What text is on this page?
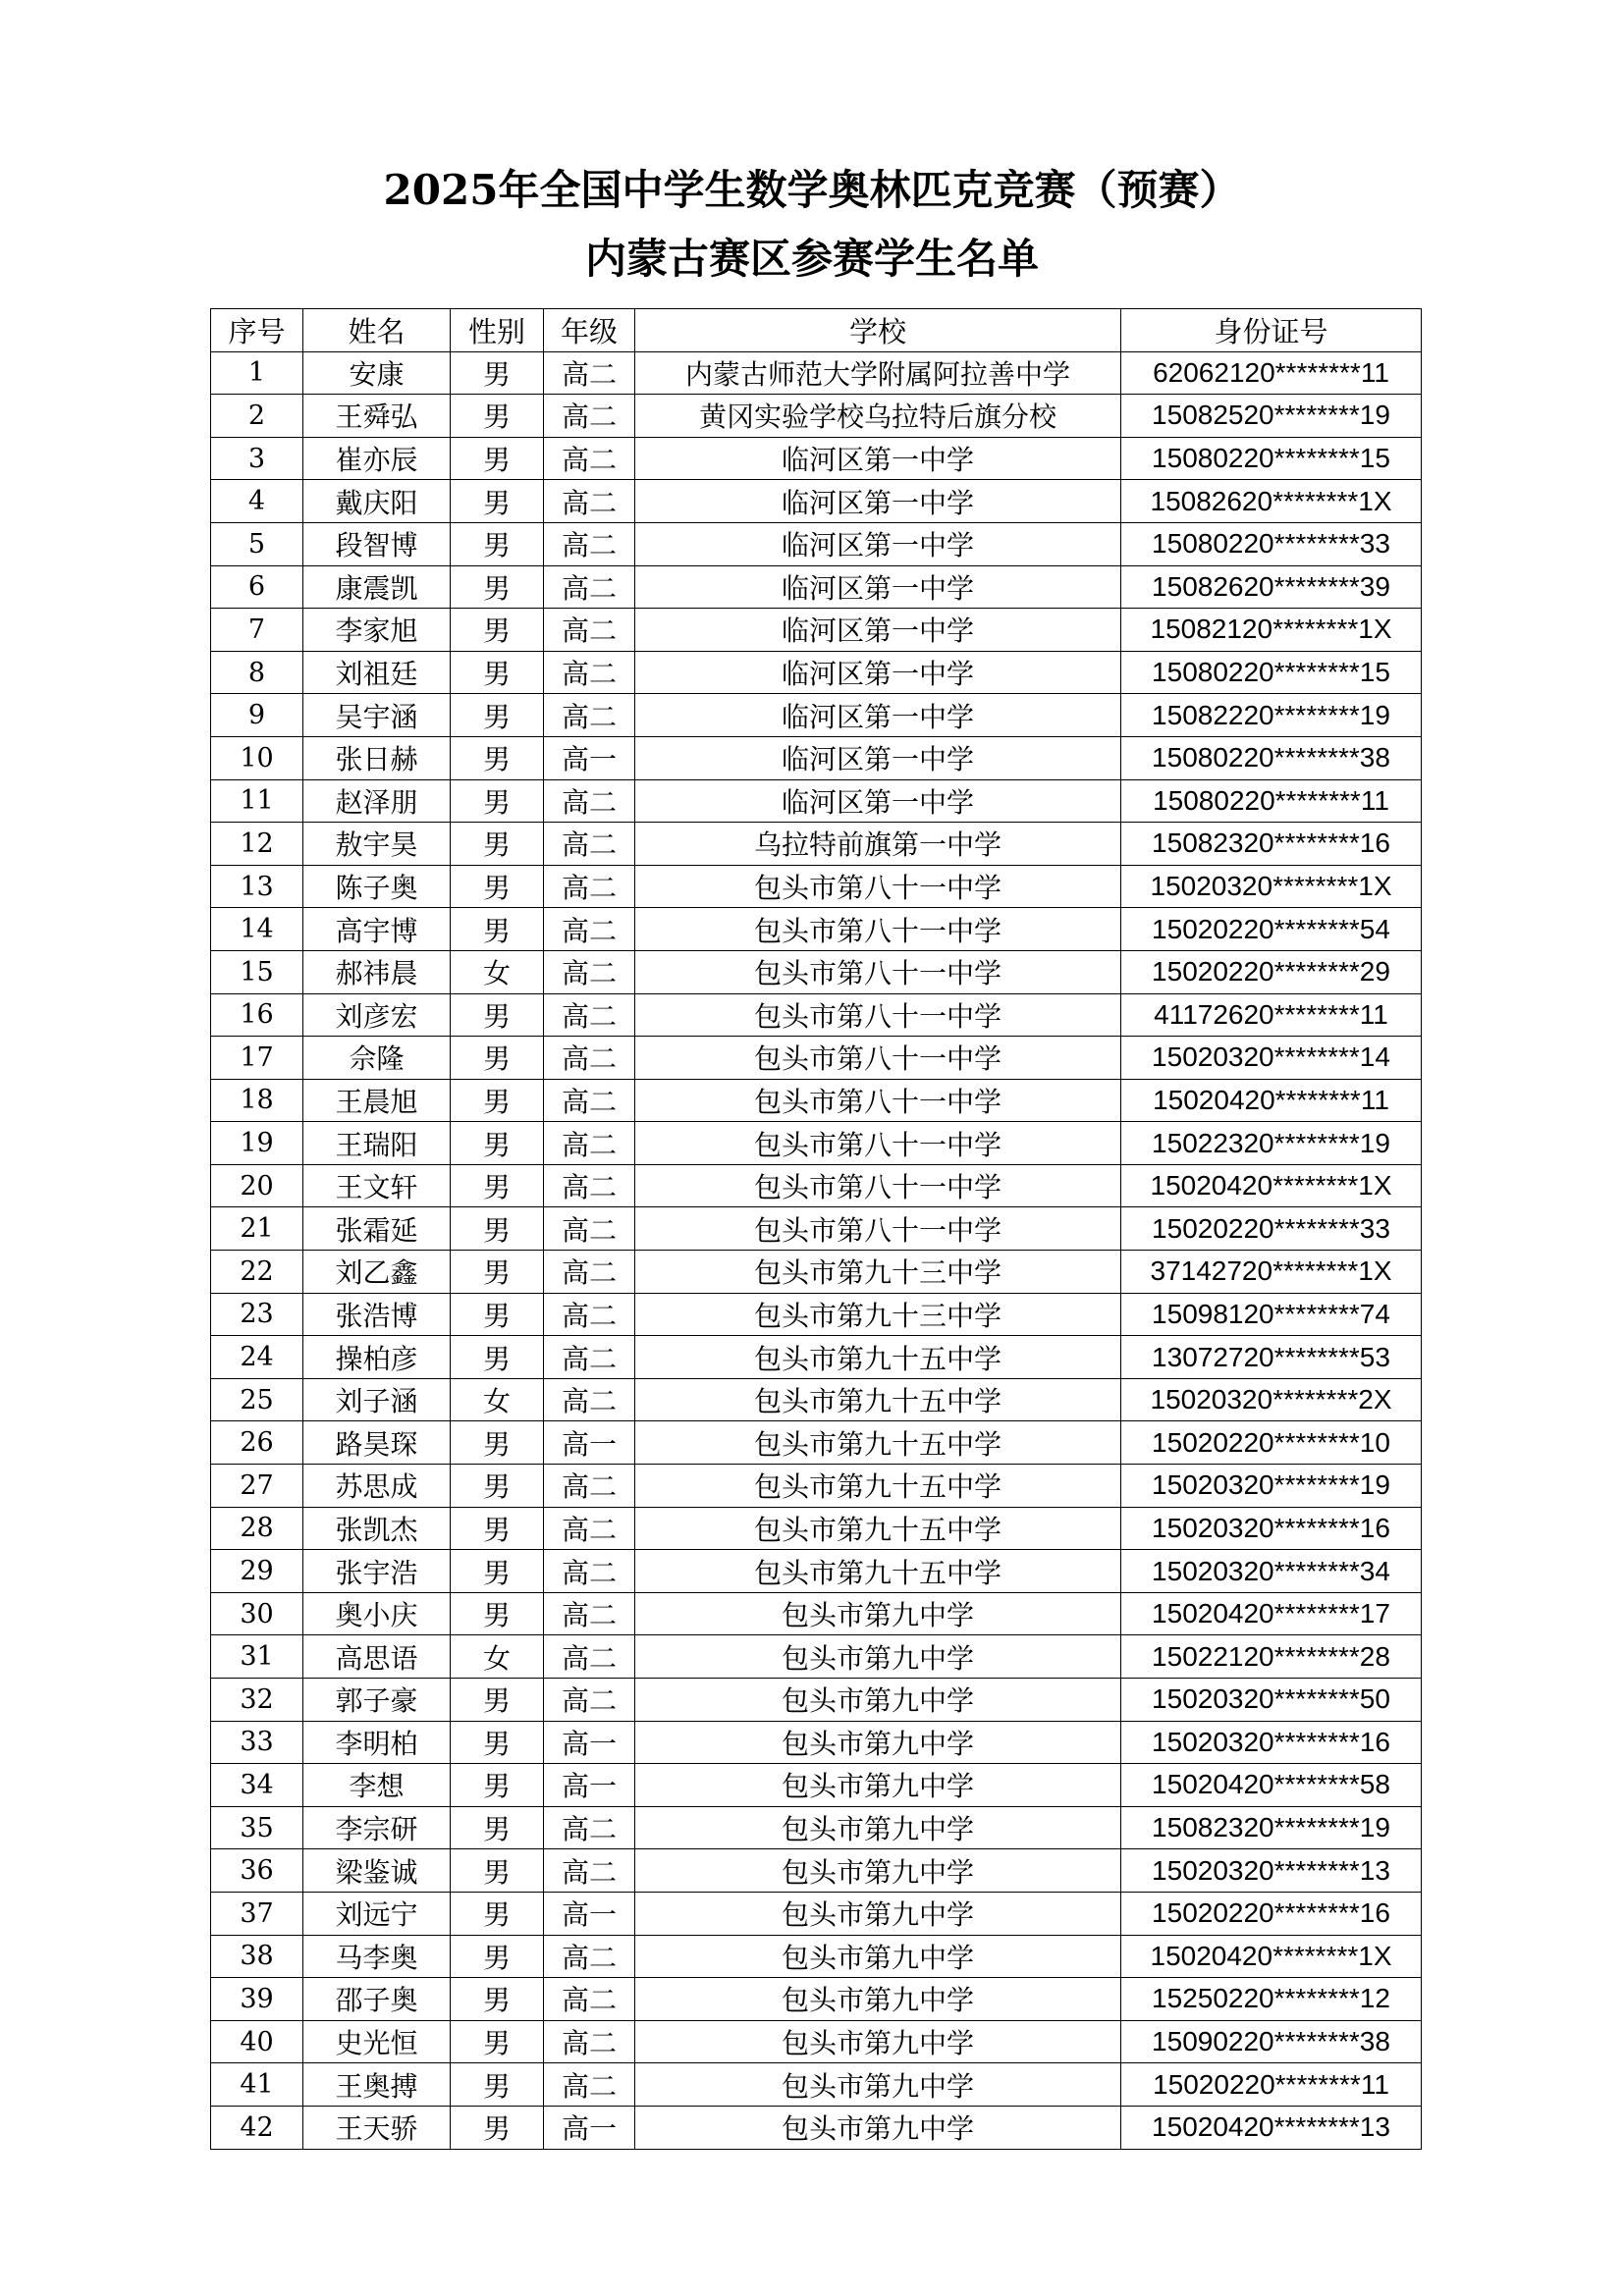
2025年全国中学生数学奥林匹克竞赛（预赛）
内蒙古赛区参赛学生名单
序号	姓名	性别	年级	学校	身份证号
1	安康	男	高二	内蒙古师范大学附属阿拉善中学	62062120********11
2	王舜弘	男	高二	黄冈实验学校乌拉特后旗分校	15082520********19
3	崔亦辰	男	高二	临河区第一中学	15080220********15
4	戴庆阳	男	高二	临河区第一中学	15082620********1X
5	段智博	男	高二	临河区第一中学	15080220********33
6	康震凯	男	高二	临河区第一中学	15082620********39
7	李家旭	男	高二	临河区第一中学	15082120********1X
8	刘祖廷	男	高二	临河区第一中学	15080220********15
9	吴宇涵	男	高二	临河区第一中学	15082220********19
10	张日赫	男	高一	临河区第一中学	15080220********38
11	赵泽朋	男	高二	临河区第一中学	15080220********11
12	敖宇昊	男	高二	乌拉特前旗第一中学	15082320********16
13	陈子奥	男	高二	包头市第八十一中学	15020320********1X
14	高宇博	男	高二	包头市第八十一中学	15020220********54
15	郝祎晨	女	高二	包头市第八十一中学	15020220********29
16	刘彦宏	男	高二	包头市第八十一中学	41172620********11
17	佘隆	男	高二	包头市第八十一中学	15020320********14
18	王晨旭	男	高二	包头市第八十一中学	15020420********11
19	王瑞阳	男	高二	包头市第八十一中学	15022320********19
20	王文轩	男	高二	包头市第八十一中学	15020420********1X
21	张霜延	男	高二	包头市第八十一中学	15020220********33
22	刘乙鑫	男	高二	包头市第九十三中学	37142720********1X
23	张浩博	男	高二	包头市第九十三中学	15098120********74
24	操柏彦	男	高二	包头市第九十五中学	13072720********53
25	刘子涵	女	高二	包头市第九十五中学	15020320********2X
26	路昊琛	男	高一	包头市第九十五中学	15020220********10
27	苏思成	男	高二	包头市第九十五中学	15020320********19
28	张凯杰	男	高二	包头市第九十五中学	15020320********16
29	张宇浩	男	高二	包头市第九十五中学	15020320********34
30	奥小庆	男	高二	包头市第九中学	15020420********17
31	高思语	女	高二	包头市第九中学	15022120********28
32	郭子豪	男	高二	包头市第九中学	15020320********50
33	李明柏	男	高一	包头市第九中学	15020320********16
34	李想	男	高一	包头市第九中学	15020420********58
35	李宗研	男	高二	包头市第九中学	15082320********19
36	梁鉴诚	男	高二	包头市第九中学	15020320********13
37	刘远宁	男	高一	包头市第九中学	15020220********16
38	马李奥	男	高二	包头市第九中学	15020420********1X
39	邵子奥	男	高二	包头市第九中学	15250220********12
40	史光恒	男	高二	包头市第九中学	15090220********38
41	王奥搏	男	高二	包头市第九中学	15020220********11
42	王天骄	男	高一	包头市第九中学	15020420********13
